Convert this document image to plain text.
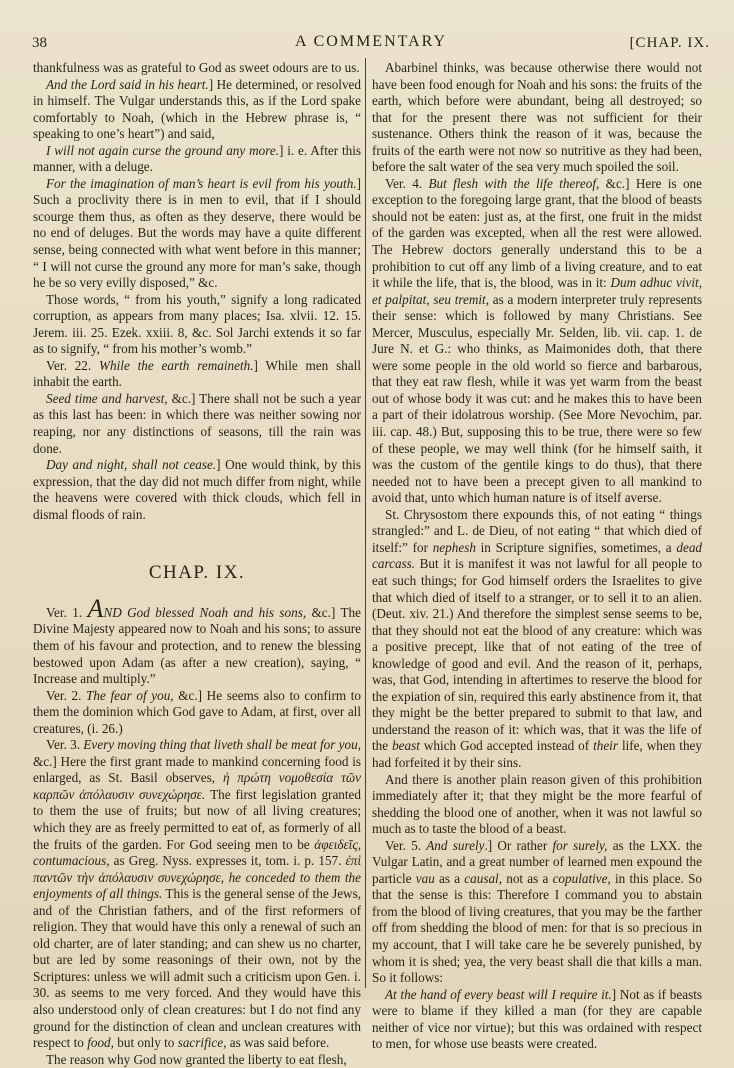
38	A COMMENTARY	[CHAP. IX.

thankfulness was as grateful to God as sweet odours are to us.

And the Lord said in his heart.] He determined, or resolved in himself. The Vulgar understands this, as if the Lord spake comfortably to Noah, (which in the Hebrew phrase is, “ speaking to one’s heart”) and said,

I will not again curse the ground any more.] i. e. After this manner, with a deluge.

For the imagination of man’s heart is evil from his youth.] Such a proclivity there is in men to evil, that if I should scourge them thus, as often as they deserve, there would be no end of deluges. But the words may have a quite different sense, being connected with what went before in this manner; “ I will not curse the ground any more for man’s sake, though he be so very evilly disposed,” &c.

Those words, “ from his youth,” signify a long radicated corruption, as appears from many places; Isa. xlvii. 12. 15. Jerem. iii. 25. Ezek. xxiii. 8, &c. Sol Jarchi extends it so far as to signify, “ from his mother’s womb.”

Ver. 22. While the earth remaineth.] While men shall inhabit the earth.

Seed time and harvest, &c.] There shall not be such a year as this last has been: in which there was neither sowing nor reaping, nor any distinctions of seasons, till the rain was done.

Day and night, shall not cease.] One would think, by this expression, that the day did not much differ from night, while the heavens were covered with thick clouds, which fell in dismal floods of rain.

CHAP. IX.

Ver. 1. AND God blessed Noah and his sons, &c.] The Divine Majesty appeared now to Noah and his sons; to assure them of his favour and protection, and to renew the blessing bestowed upon Adam (as after a new creation), saying, “ Increase and multiply.”

Ver. 2. The fear of you, &c.] He seems also to confirm to them the dominion which God gave to Adam, at first, over all creatures, (i. 26.)

Ver. 3. Every moving thing that liveth shall be meat for you, &c.] Here the first grant made to mankind concerning food is enlarged, as St. Basil observes, ἡ πρώτη νομοθεσία τῶν καρπῶν ἀπόλαυσιν συνεχώρησε. The first legislation granted to them the use of fruits; but now of all living creatures; which they are as freely permitted to eat of, as formerly of all the fruits of the garden. For God seeing men to be ἀφειδεῖς, contumacious, as Greg. Nyss. expresses it, tom. i. p. 157. ἐπὶ παντῶν τὴν ἀπόλαυσιν συνεχώρησε, he conceded to them the enjoyments of all things. This is the general sense of the Jews, and of the Christian fathers, and of the first reformers of religion. They that would have this only a renewal of such an old charter, are of later standing; and can shew us no charter, but are led by some reasonings of their own, not by the Scriptures: unless we will admit such a criticism upon Gen. i. 30. as seems to me very forced. And they would have this also understood only of clean creatures: but I do not find any ground for the distinction of clean and unclean creatures with respect to food, but only to sacrifice, as was said before.

The reason why God now granted the liberty to eat flesh,

Abarbinel thinks, was because otherwise there would not have been food enough for Noah and his sons: the fruits of the earth, which before were abundant, being all destroyed; so that for the present there was not sufficient for their sustenance. Others think the reason of it was, because the fruits of the earth were not now so nutritive as they had been, before the salt water of the sea very much spoiled the soil.

Ver. 4. But flesh with the life thereof, &c.] Here is one exception to the foregoing large grant, that the blood of beasts should not be eaten: just as, at the first, one fruit in the midst of the garden was excepted, when all the rest were allowed. The Hebrew doctors generally understand this to be a prohibition to cut off any limb of a living creature, and to eat it while the life, that is, the blood, was in it: Dum adhuc vivit, et palpitat, seu tremit, as a modern interpreter truly represents their sense: which is followed by many Christians. See Mercer, Musculus, especially Mr. Selden, lib. vii. cap. 1. de Jure N. et G.: who thinks, as Maimonides doth, that there were some people in the old world so fierce and barbarous, that they eat raw flesh, while it was yet warm from the beast out of whose body it was cut: and he makes this to have been a part of their idolatrous worship. (See More Nevochim, par. iii. cap. 48.) But, supposing this to be true, there were so few of these people, we may well think (for he himself saith, it was the custom of the gentile kings to do thus), that there needed not to have been a precept given to all mankind to avoid that, unto which human nature is of itself averse.

St. Chrysostom there expounds this, of not eating “ things strangled:” and L. de Dieu, of not eating “ that which died of itself:” for nephesh in Scripture signifies, sometimes, a dead carcass. But it is manifest it was not lawful for all people to eat such things; for God himself orders the Israelites to give that which died of itself to a stranger, or to sell it to an alien. (Deut. xiv. 21.) And therefore the simplest sense seems to be, that they should not eat the blood of any creature: which was a positive precept, like that of not eating of the tree of knowledge of good and evil. And the reason of it, perhaps, was, that God, intending in aftertimes to reserve the blood for the expiation of sin, required this early abstinence from it, that they might be the better prepared to submit to that law, and understand the reason of it: which was, that it was the life of the beast which God accepted instead of their life, when they had forfeited it by their sins.

And there is another plain reason given of this prohibition immediately after it; that they might be the more fearful of shedding the blood one of another, when it was not lawful so much as to taste the blood of a beast.

Ver. 5. And surely.] Or rather for surely, as the LXX. the Vulgar Latin, and a great number of learned men expound the particle vau as a causal, not as a copulative, in this place. So that the sense is this: Therefore I command you to abstain from the blood of living creatures, that you may be the farther off from shedding the blood of men: for that is so precious in my account, that I will take care he be severely punished, by whom it is shed; yea, the very beast shall die that kills a man. So it follows:

At the hand of every beast will I require it.] Not as if beasts were to blame if they killed a man (for they are capable neither of vice nor virtue); but this was ordained with respect to men, for whose use beasts were created.
